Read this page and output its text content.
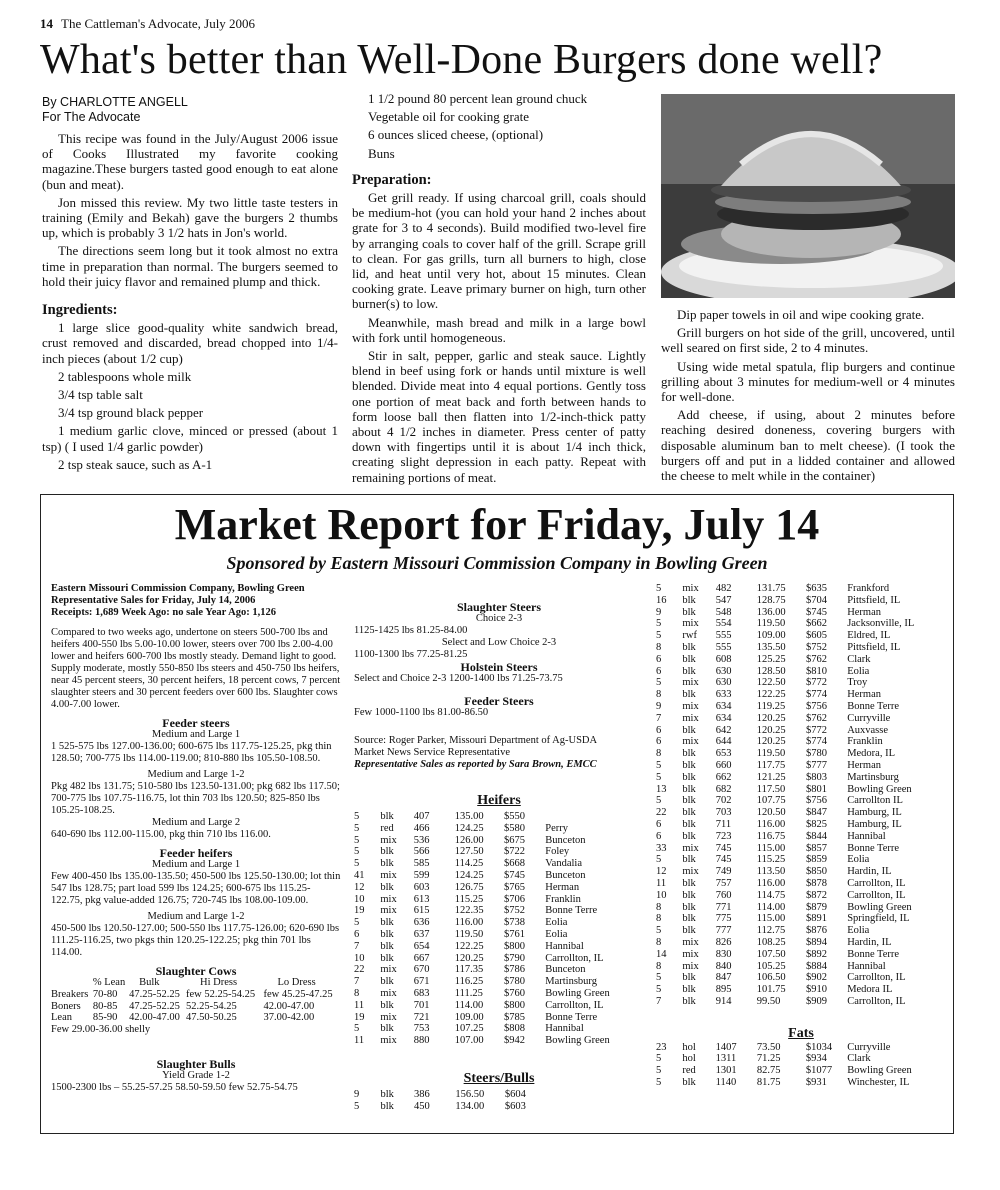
14 The Cattleman's Advocate, July 2006
What's better than Well-Done Burgers done well?
By CHARLOTTE ANGELL
For The Advocate

This recipe was found in the July/August 2006 issue of Cooks Illustrated my favorite cooking magazine.These burgers tasted good enough to eat alone (bun and meat).

Jon missed this review. My two little taste testers in training (Emily and Bekah) gave the burgers 2 thumbs up, which is probably 3 1/2 hats in Jon's world.

The directions seem long but it took almost no extra time in preparation than normal. The burgers seemed to hold their juicy flavor and remained plump and thick.

Ingredients:

1 large slice good-quality white sandwich bread, crust removed and discarded, bread chopped into 1/4-inch pieces (about 1/2 cup)

2 tablespoons whole milk

3/4 tsp table salt

3/4 tsp ground black pepper

1 medium garlic clove, minced or pressed (about 1 tsp) ( I used 1/4 garlic powder)

2 tsp steak sauce, such as A-1

1 1/2 pound 80 percent lean ground chuck

Vegetable oil for cooking grate

6 ounces sliced cheese, (optional)

Buns

Preparation:

Get grill ready. If using charcoal grill, coals should be medium-hot (you can hold your hand 2 inches about grate for 3 to 4 seconds). Build modified two-level fire by arranging coals to cover half of the grill. Scrape grill to clean. For gas grills, turn all burners to high, close lid, and heat until very hot, about 15 minutes. Clean cooking grate. Leave primary burner on high, turn other burner(s) to low.

Meanwhile, mash bread and milk in a large bowl with fork until homogeneous.

Stir in salt, pepper, garlic and steak sauce. Lightly blend in beef using fork or hands until mixture is well blended. Divide meat into 4 equal portions. Gently toss one portion of meat back and forth between hands to form loose ball then flatten into 1/2-inch-thick patty about 4 1/2 inches in diameter. Press center of patty down with fingertips until it is about 1/4 inch thick, creating slight depression in each patty. Repeat with remaining portions of meat.

Dip paper towels in oil and wipe cooking grate.

Grill burgers on hot side of the grill, uncovered, until well seared on first side, 2 to 4 minutes.

Using wide metal spatula, flip burgers and continue grilling about 3 minutes for medium-well or 4 minutes for well-done.

Add cheese, if using, about 2 minutes before reaching desired doneness, covering burgers with disposable aluminum ban to melt cheese). (I took the burgers off and put in a lidded container and allowed the cheese to melt while in the container)

Market Report for Friday, July 14
Sponsored by Eastern Missouri Commission Company in Bowling Green

Eastern Missouri Commission Company, Bowling Green

Representative Sales for Friday, July 14, 2006

Receipts: 1,689 Week Ago: no sale Year Ago: 1,126

Compared to two weeks ago, undertone on steers 500-700 lbs and heifers 400-550 lbs 5.00-10.00 lower, steers over 700 lbs 2.00-4.00 lower and heifers 600-700 lbs mostly steady. Demand light to good. Supply moderate, mostly 550-850 lbs steers and 450-750 lbs heifers, near 45 percent steers, 30 percent heifers, 18 percent cows, 7 percent slaughter steers and 30 percent feeders over 600 lbs. Slaughter cows 4.00-7.00 lower.

Feeder steers

Medium and Large 1

1 525-575 lbs 127.00-136.00; 600-675 lbs 117.75-125.25, pkg thin 128.50; 700-775 lbs 114.00-119.00; 810-880 lbs 105.50-108.50.

Medium and Large 1-2

Pkg 482 lbs 131.75; 510-580 lbs 123.50-131.00; pkg 682 lbs 117.50; 700-775 lbs 107.75-116.75, lot thin 703 lbs 120.50; 825-850 lbs 105.25-108.25.

Medium and Large 2

640-690 lbs 112.00-115.00, pkg thin 710 lbs 116.00.

Feeder heifers

Medium and Large 1

Few 400-450 lbs 135.00-135.50; 450-500 lbs 125.50-130.00; lot thin 547 lbs 128.75; part load 599 lbs 124.25; 600-675 lbs 115.25-122.75, pkg value-added 126.75; 720-745 lbs 108.00-109.00.

Medium and Large 1-2

450-500 lbs 120.50-127.00; 500-550 lbs 117.75-126.00; 620-690 lbs 111.25-116.25, two pkgs thin 120.25-122.25; pkg thin 701 lbs 114.00.

Slaughter Cows

	% Lean	Bulk	Hi Dress	Lo Dress
Breakers	70-80	47.25-52.25	few 52.25-54.25	few 45.25-47.25
Boners	80-85	47.25-52.25	52.25-54.25	42.00-47.00
Lean	85-90	42.00-47.00	47.50-50.25	37.00-42.00

Few 29.00-36.00 shelly

Slaughter Bulls

Yield Grade 1-2

1500-2300 lbs – 55.25-57.25 58.50-59.50 few 52.75-54.75

Slaughter Steers

Choice 2-3

1125-1425 lbs 81.25-84.00

Select and Low Choice 2-3

1100-1300 lbs 77.25-81.25

Holstein Steers

Select and Choice 2-3 1200-1400 lbs 71.25-73.75

Feeder Steers

Few 1000-1100 lbs 81.00-86.50

Source: Roger Parker, Missouri Department of Ag-USDA

Market News Service Representative

Representative Sales as reported by Sara Brown, EMCC

Heifers
5	blk	407	135.00	$550	
5	red	466	124.25	$580	Perry
5	mix	536	126.00	$675	Bunceton
5	blk	566	127.50	$722	Foley
5	blk	585	114.25	$668	Vandalia
41	mix	599	124.25	$745	Bunceton
12	blk	603	126.75	$765	Herman
10	mix	613	115.25	$706	Franklin
19	mix	615	122.35	$752	Bonne Terre
5	blk	636	116.00	$738	Eolia
6	blk	637	119.50	$761	Eolia
7	blk	654	122.25	$800	Hannibal
10	blk	667	120.25	$790	Carrollton, IL
22	mix	670	117.35	$786	Bunceton
7	blk	671	116.25	$780	Martinsburg
8	mix	683	111.25	$760	Bowling Green
11	blk	701	114.00	$800	Carrollton, IL
19	mix	721	109.00	$785	Bonne Terre
5	blk	753	107.25	$808	Hannibal
11	mix	880	107.00	$942	Bowling Green
Steers/Bulls
9	blk	386	156.50	$604	
5	blk	450	134.00	$603	
5	mix	482	131.75	$635	Frankford
16	blk	547	128.75	$704	Pittsfield, IL
9	blk	548	136.00	$745	Herman
5	mix	554	119.50	$662	Jacksonville, IL
5	rwf	555	109.00	$605	Eldred, IL
8	blk	555	135.50	$752	Pittsfield, IL
6	blk	608	125.25	$762	Clark
6	blk	630	128.50	$810	Eolia
5	mix	630	122.50	$772	Troy
8	blk	633	122.25	$774	Herman
9	mix	634	119.25	$756	Bonne Terre
7	mix	634	120.25	$762	Curryville
6	blk	642	120.25	$772	Auxvasse
6	mix	644	120.25	$774	Franklin
8	blk	653	119.50	$780	Medora, IL
5	blk	660	117.75	$777	Herman
5	blk	662	121.25	$803	Martinsburg
13	blk	682	117.50	$801	Bowling Green
5	blk	702	107.75	$756	Carrollton IL
22	blk	703	120.50	$847	Hamburg, IL
6	blk	711	116.00	$825	Hamburg, IL
6	blk	723	116.75	$844	Hannibal
33	mix	745	115.00	$857	Bonne Terre
5	blk	745	115.25	$859	Eolia
12	mix	749	113.50	$850	Hardin, IL
11	blk	757	116.00	$878	Carrollton, IL
10	blk	760	114.75	$872	Carrollton, IL
8	blk	771	114.00	$879	Bowling Green
8	blk	775	115.00	$891	Springfield, IL
5	blk	777	112.75	$876	Eolia
8	mix	826	108.25	$894	Hardin, IL
14	mix	830	107.50	$892	Bonne Terre
8	mix	840	105.25	$884	Hannibal
5	blk	847	106.50	$902	Carrollton, IL
5	blk	895	101.75	$910	Medora IL
7	blk	914	99.50	$909	Carrollton, IL
Fats
23	hol	1407	73.50	$1034	Curryville
5	hol	1311	71.25	$934	Clark
5	red	1301	82.75	$1077	Bowling Green
5	blk	1140	81.75	$931	Winchester, IL
